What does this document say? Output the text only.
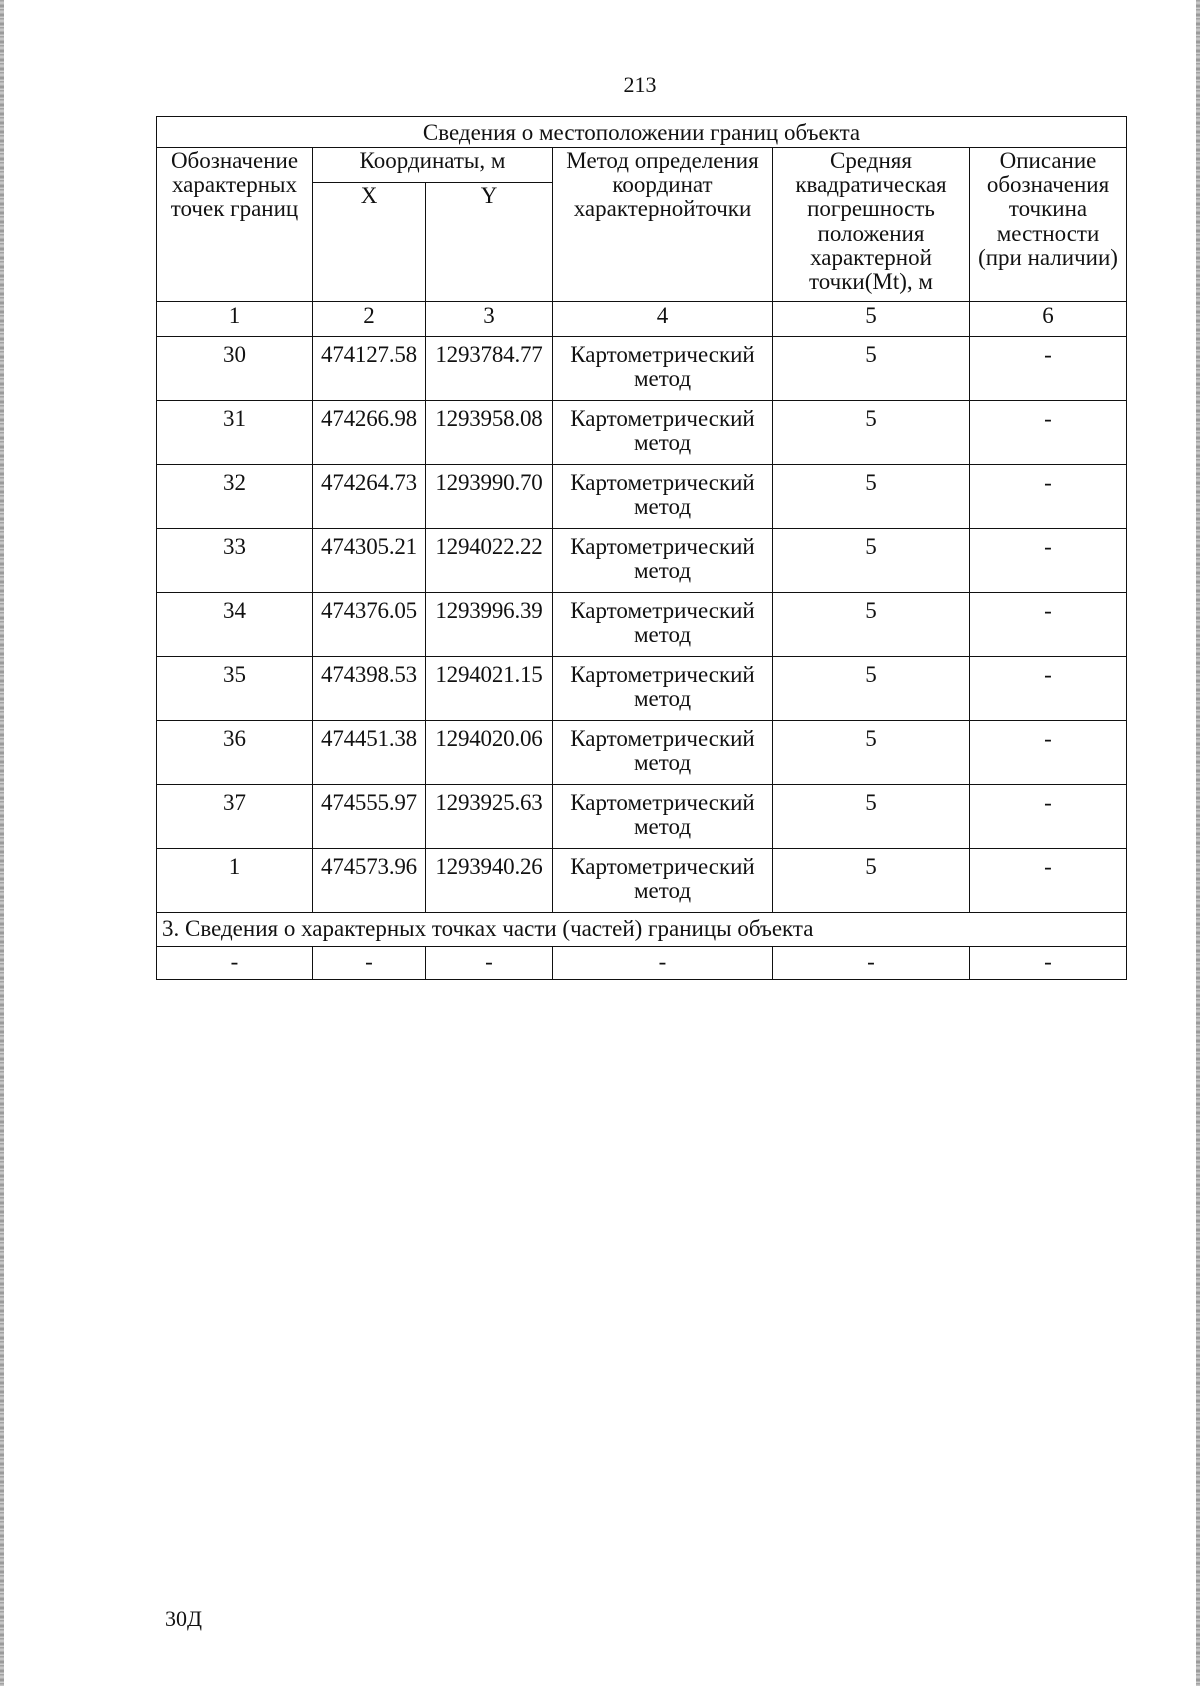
213
Сведения о местоположении границ объекта					
Обозначение характерных точек границ	Координаты, м		Метод определения координат характернойточки	Средняя квадратическая погрешность положения характерной точки(Mt), м	Описание обозначения точкина местности (при наличии)
	X	Y			
1	2	3	4	5	6
30	474127.58	1293784.77	Картометрический метод	5	-
31	474266.98	1293958.08	Картометрический метод	5	-
32	474264.73	1293990.70	Картометрический метод	5	-
33	474305.21	1294022.22	Картометрический метод	5	-
34	474376.05	1293996.39	Картометрический метод	5	-
35	474398.53	1294021.15	Картометрический метод	5	-
36	474451.38	1294020.06	Картометрический метод	5	-
37	474555.97	1293925.63	Картометрический метод	5	-
1	474573.96	1293940.26	Картометрический метод	5	-
3. Сведения о характерных точках части (частей) границы объекта					
-	-	-	-	-	-
30Д
